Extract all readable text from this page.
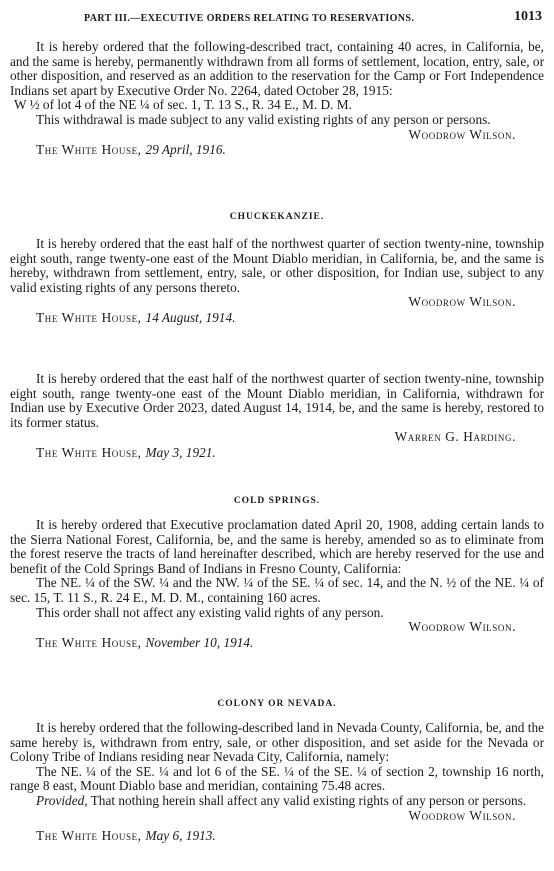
PART III.—EXECUTIVE ORDERS RELATING TO RESERVATIONS.	1013

It is hereby ordered that the following-described tract, containing 40 acres, in California, be, and the same is hereby, permanently withdrawn from all forms of settlement, location, entry, sale, or other disposition, and reserved as an addition to the reservation for the Camp or Fort Independence Indians set apart by Executive Order No. 2264, dated October 28, 1915:

W ½ of lot 4 of the NE ¼ of sec. 1, T. 13 S., R. 34 E., M. D. M.

This withdrawal is made subject to any valid existing rights of any person or persons.

Woodrow Wilson.

The White House, 29 April, 1916.

CHUCKEKANZIE.

It is hereby ordered that the east half of the northwest quarter of section twenty-nine, township eight south, range twenty-one east of the Mount Diablo meridian, in California, be, and the same is hereby, withdrawn from settlement, entry, sale, or other disposition, for Indian use, subject to any valid existing rights of any persons thereto.

Woodrow Wilson.

The White House, 14 August, 1914.

It is hereby ordered that the east half of the northwest quarter of section twenty-nine, township eight south, range twenty-one east of the Mount Diablo meridian, in California, withdrawn for Indian use by Executive Order 2023, dated August 14, 1914, be, and the same is hereby, restored to its former status.

Warren G. Harding.

The White House, May 3, 1921.

COLD SPRINGS.

It is hereby ordered that Executive proclamation dated April 20, 1908, adding certain lands to the Sierra National Forest, California, be, and the same is hereby, amended so as to eliminate from the forest reserve the tracts of land hereinafter described, which are hereby reserved for the use and benefit of the Cold Springs Band of Indians in Fresno County, California:

The NE. ¼ of the SW. ¼ and the NW. ¼ of the SE. ¼ of sec. 14, and the N. ½ of the NE. ¼ of sec. 15, T. 11 S., R. 24 E., M. D. M., containing 160 acres.

This order shall not affect any existing valid rights of any person.

Woodrow Wilson.

The White House, November 10, 1914.

COLONY OR NEVADA.

It is hereby ordered that the following-described land in Nevada County, California, be, and the same hereby is, withdrawn from entry, sale, or other disposition, and set aside for the Nevada or Colony Tribe of Indians residing near Nevada City, California, namely:

The NE. ¼ of the SE. ¼ and lot 6 of the SE. ¼ of the SE. ¼ of section 2, township 16 north, range 8 east, Mount Diablo base and meridian, containing 75.48 acres.

Provided, That nothing herein shall affect any valid existing rights of any person or persons.

Woodrow Wilson.

The White House, May 6, 1913.
